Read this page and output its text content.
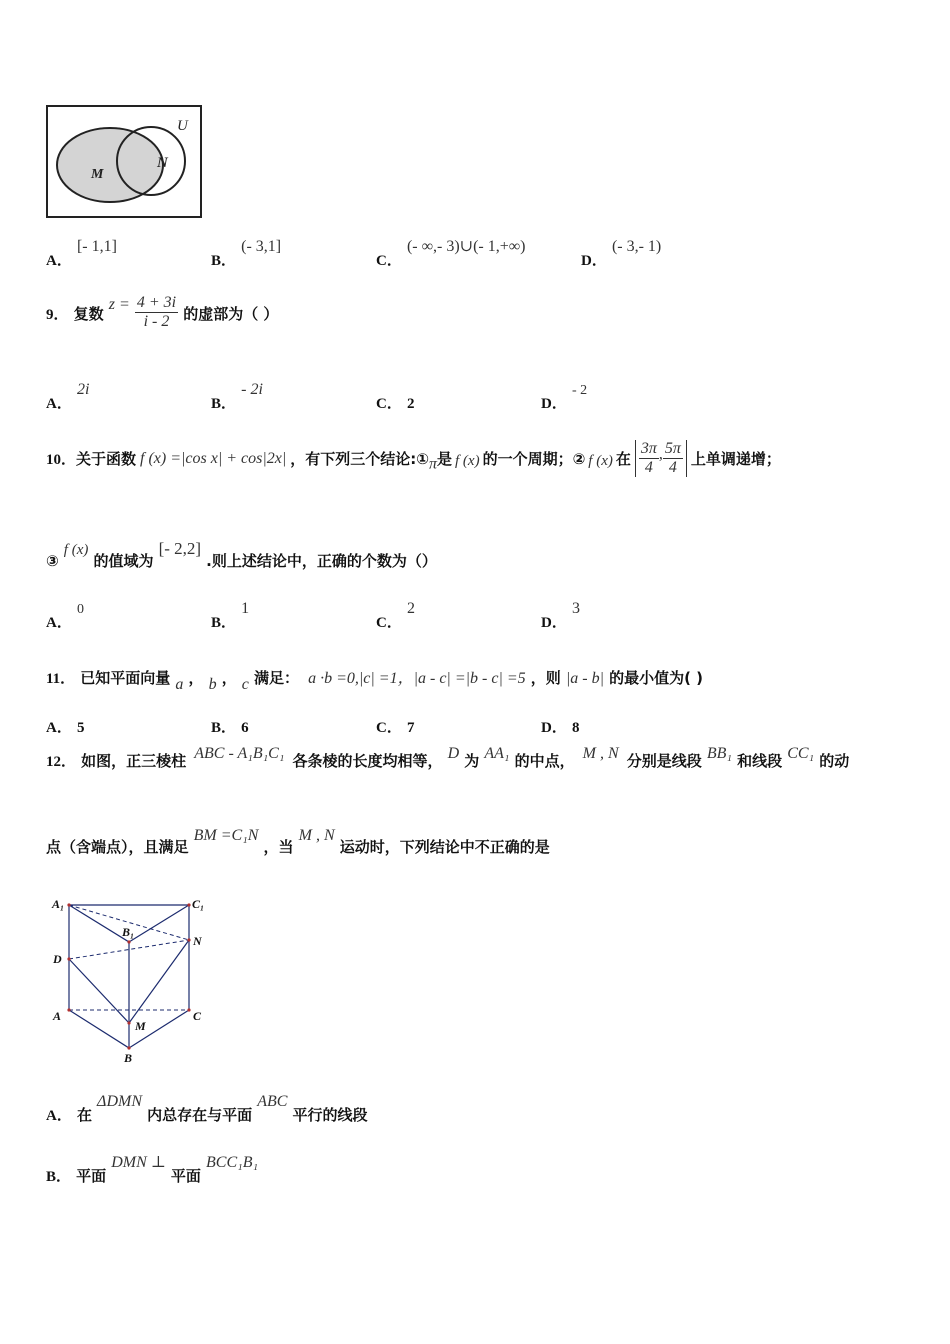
U
M
N
A． [- 1,1]
B． (- 3,1]
C． (- ∞,- 3)∪(- 1,+∞)
D． (- 3,- 1)
9． 复数 $z = \frac{4 + 3i}{i - 2}$ 的虚部为（ ）
A． 2i
B． - 2i
C． 2	D． - 2
10． 关于函数 f (x) =|cos x| + cos|2x| ，有下列三个结论:① π 是 f (x) 的一个周期；② f (x) 在 $\frac{3\pi}{4}$ , $\frac{5\pi}{4}$ 上单调递增；
③ f (x) 的值域为 [- 2,2] .则上述结论中，正确的个数为（）
A． 0
B． 1
C． 2
D． 3
11． 已知平面向量 a ， b ， c 满足： a ·b =0,|c| =1，|a - c| =|b - c| =5 ，则 |a - b| 的最小值为( )
A． 5	B． 6	C． 7	D． 8
12． 如图，正三棱柱 ABC - A₁B₁C₁ 各条棱的长度均相等， D 为 AA₁ 的中点， M , N 分别是线段 BB₁ 和线段 CC₁ 的动
点（含端点），且满足 BM =C₁N ，当 M , N 运动时，下列结论中不正确的是
A₁	C₁
B₁
N
D
A	C
M
B
A． 在 ΔDMN 内总存在与平面 ABC 平行的线段
B． 平面 DMN ⊥ 平面 BCC₁B₁
